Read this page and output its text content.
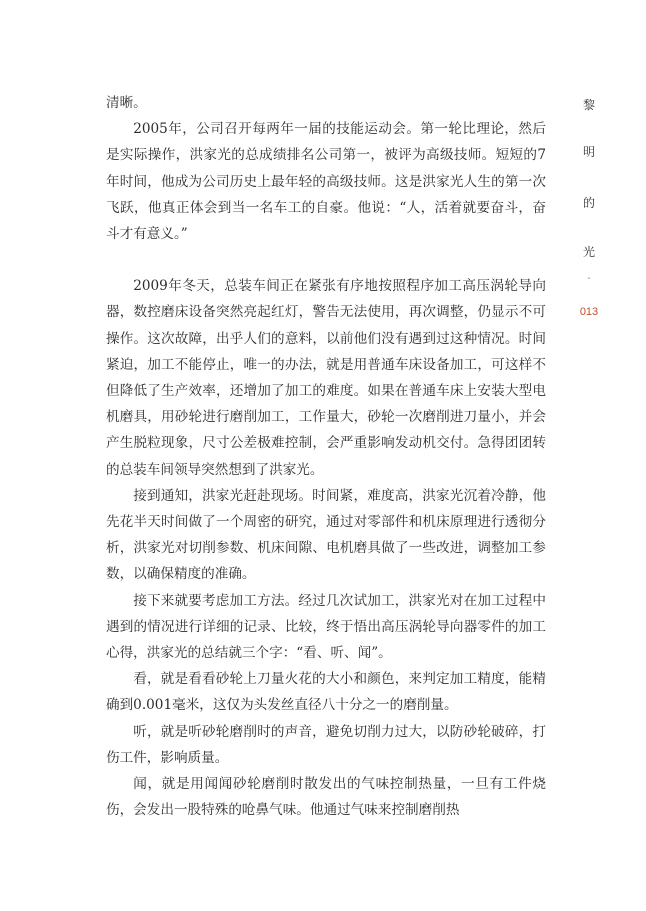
清晰。

2005年，公司召开每两年一届的技能运动会。第一轮比理论，然后是实际操作，洪家光的总成绩排名公司第一，被评为高级技师。短短的7年时间，他成为公司历史上最年轻的高级技师。这是洪家光人生的第一次飞跃，他真正体会到当一名车工的自豪。他说：“人，活着就要奋斗，奋斗才有意义。”

2009年冬天，总装车间正在紧张有序地按照程序加工高压涡轮导向器，数控磨床设备突然亮起红灯，警告无法使用，再次调整，仍显示不可操作。这次故障，出乎人们的意料，以前他们没有遇到过这种情况。时间紧迫，加工不能停止，唯一的办法，就是用普通车床设备加工，可这样不但降低了生产效率，还增加了加工的难度。如果在普通车床上安装大型电机磨具，用砂轮进行磨削加工，工作量大，砂轮一次磨削进刀量小，并会产生脱粒现象，尺寸公差极难控制，会严重影响发动机交付。急得团团转的总装车间领导突然想到了洪家光。

接到通知，洪家光赶赴现场。时间紧，难度高，洪家光沉着冷静，他先花半天时间做了一个周密的研究，通过对零部件和机床原理进行透彻分析，洪家光对切削参数、机床间隙、电机磨具做了一些改进，调整加工参数，以确保精度的准确。

接下来就要考虑加工方法。经过几次试加工，洪家光对在加工过程中遇到的情况进行详细的记录、比较，终于悟出高压涡轮导向器零件的加工心得，洪家光的总结就三个字：“看、听、闻”。

看，就是看看砂轮上刀量火花的大小和颜色，来判定加工精度，能精确到0.001毫米，这仅为头发丝直径八十分之一的磨削量。

听，就是听砂轮磨削时的声音，避免切削力过大，以防砂轮破碎，打伤工件，影响质量。

闻，就是用闻闻砂轮磨削时散发出的气味控制热量，一旦有工件烧伤，会发出一股特殊的呛鼻气味。他通过气味来控制磨削热

黎
明
的
光
-
013
